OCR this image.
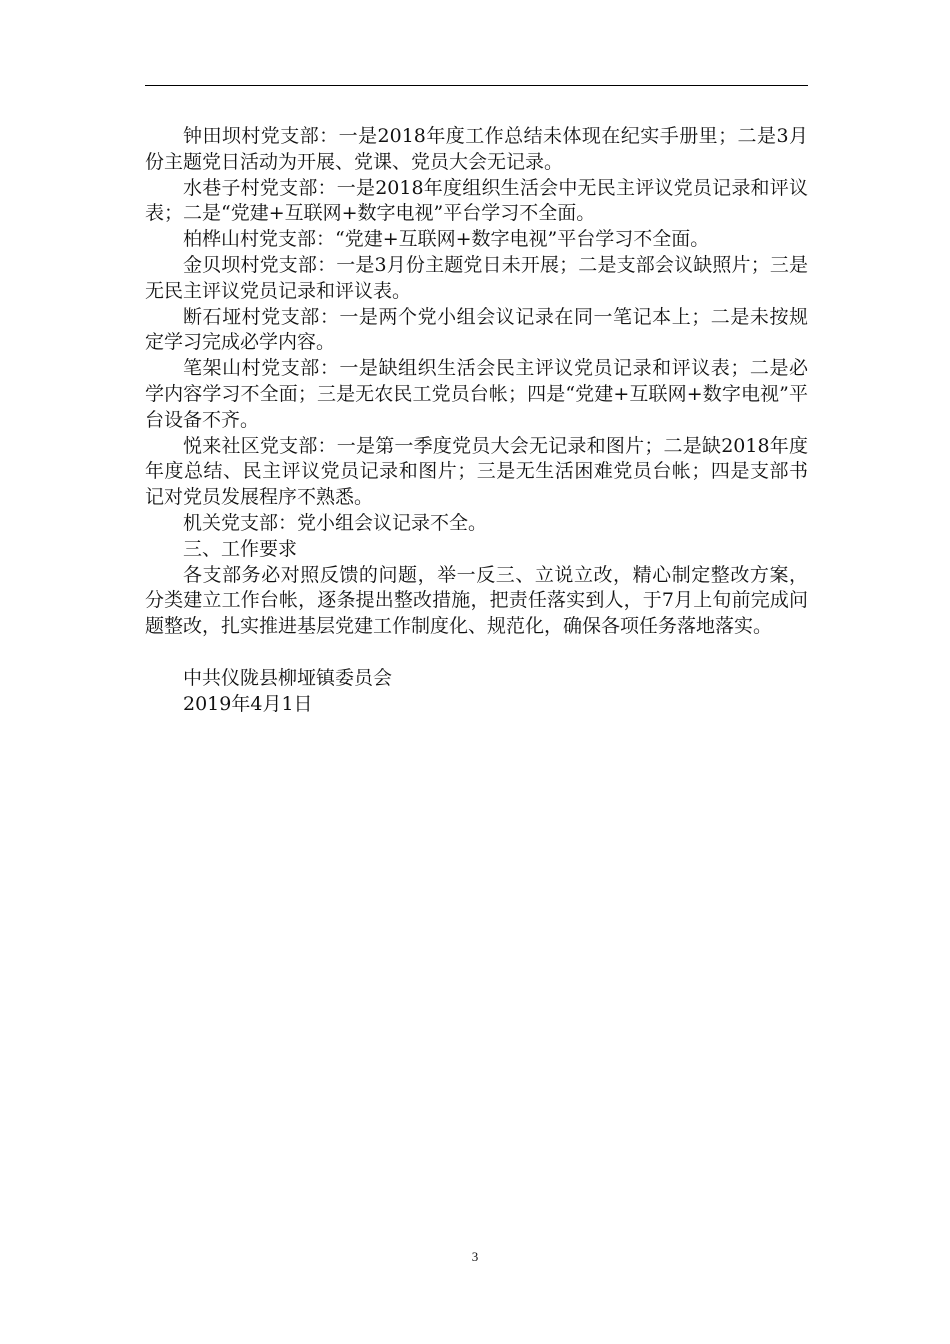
钟田坝村党支部：一是2018年度工作总结未体现在纪实手册里；二是3月份主题党日活动为开展、党课、党员大会无记录。

水巷子村党支部：一是2018年度组织生活会中无民主评议党员记录和评议表；二是“党建+互联网+数字电视”平台学习不全面。

柏桦山村党支部：“党建+互联网+数字电视”平台学习不全面。

金贝坝村党支部：一是3月份主题党日未开展；二是支部会议缺照片；三是无民主评议党员记录和评议表。

断石垭村党支部：一是两个党小组会议记录在同一笔记本上；二是未按规定学习完成必学内容。

笔架山村党支部：一是缺组织生活会民主评议党员记录和评议表；二是必学内容学习不全面；三是无农民工党员台帐；四是“党建+互联网+数字电视”平台设备不齐。

悦来社区党支部：一是第一季度党员大会无记录和图片；二是缺2018年度年度总结、民主评议党员记录和图片；三是无生活困难党员台帐；四是支部书记对党员发展程序不熟悉。

机关党支部：党小组会议记录不全。

三、工作要求

各支部务必对照反馈的问题，举一反三、立说立改，精心制定整改方案，分类建立工作台帐，逐条提出整改措施，把责任落实到人，于7月上旬前完成问题整改，扎实推进基层党建工作制度化、规范化，确保各项任务落地落实。

中共仪陇县柳垭镇委员会

2019年4月1日

3
